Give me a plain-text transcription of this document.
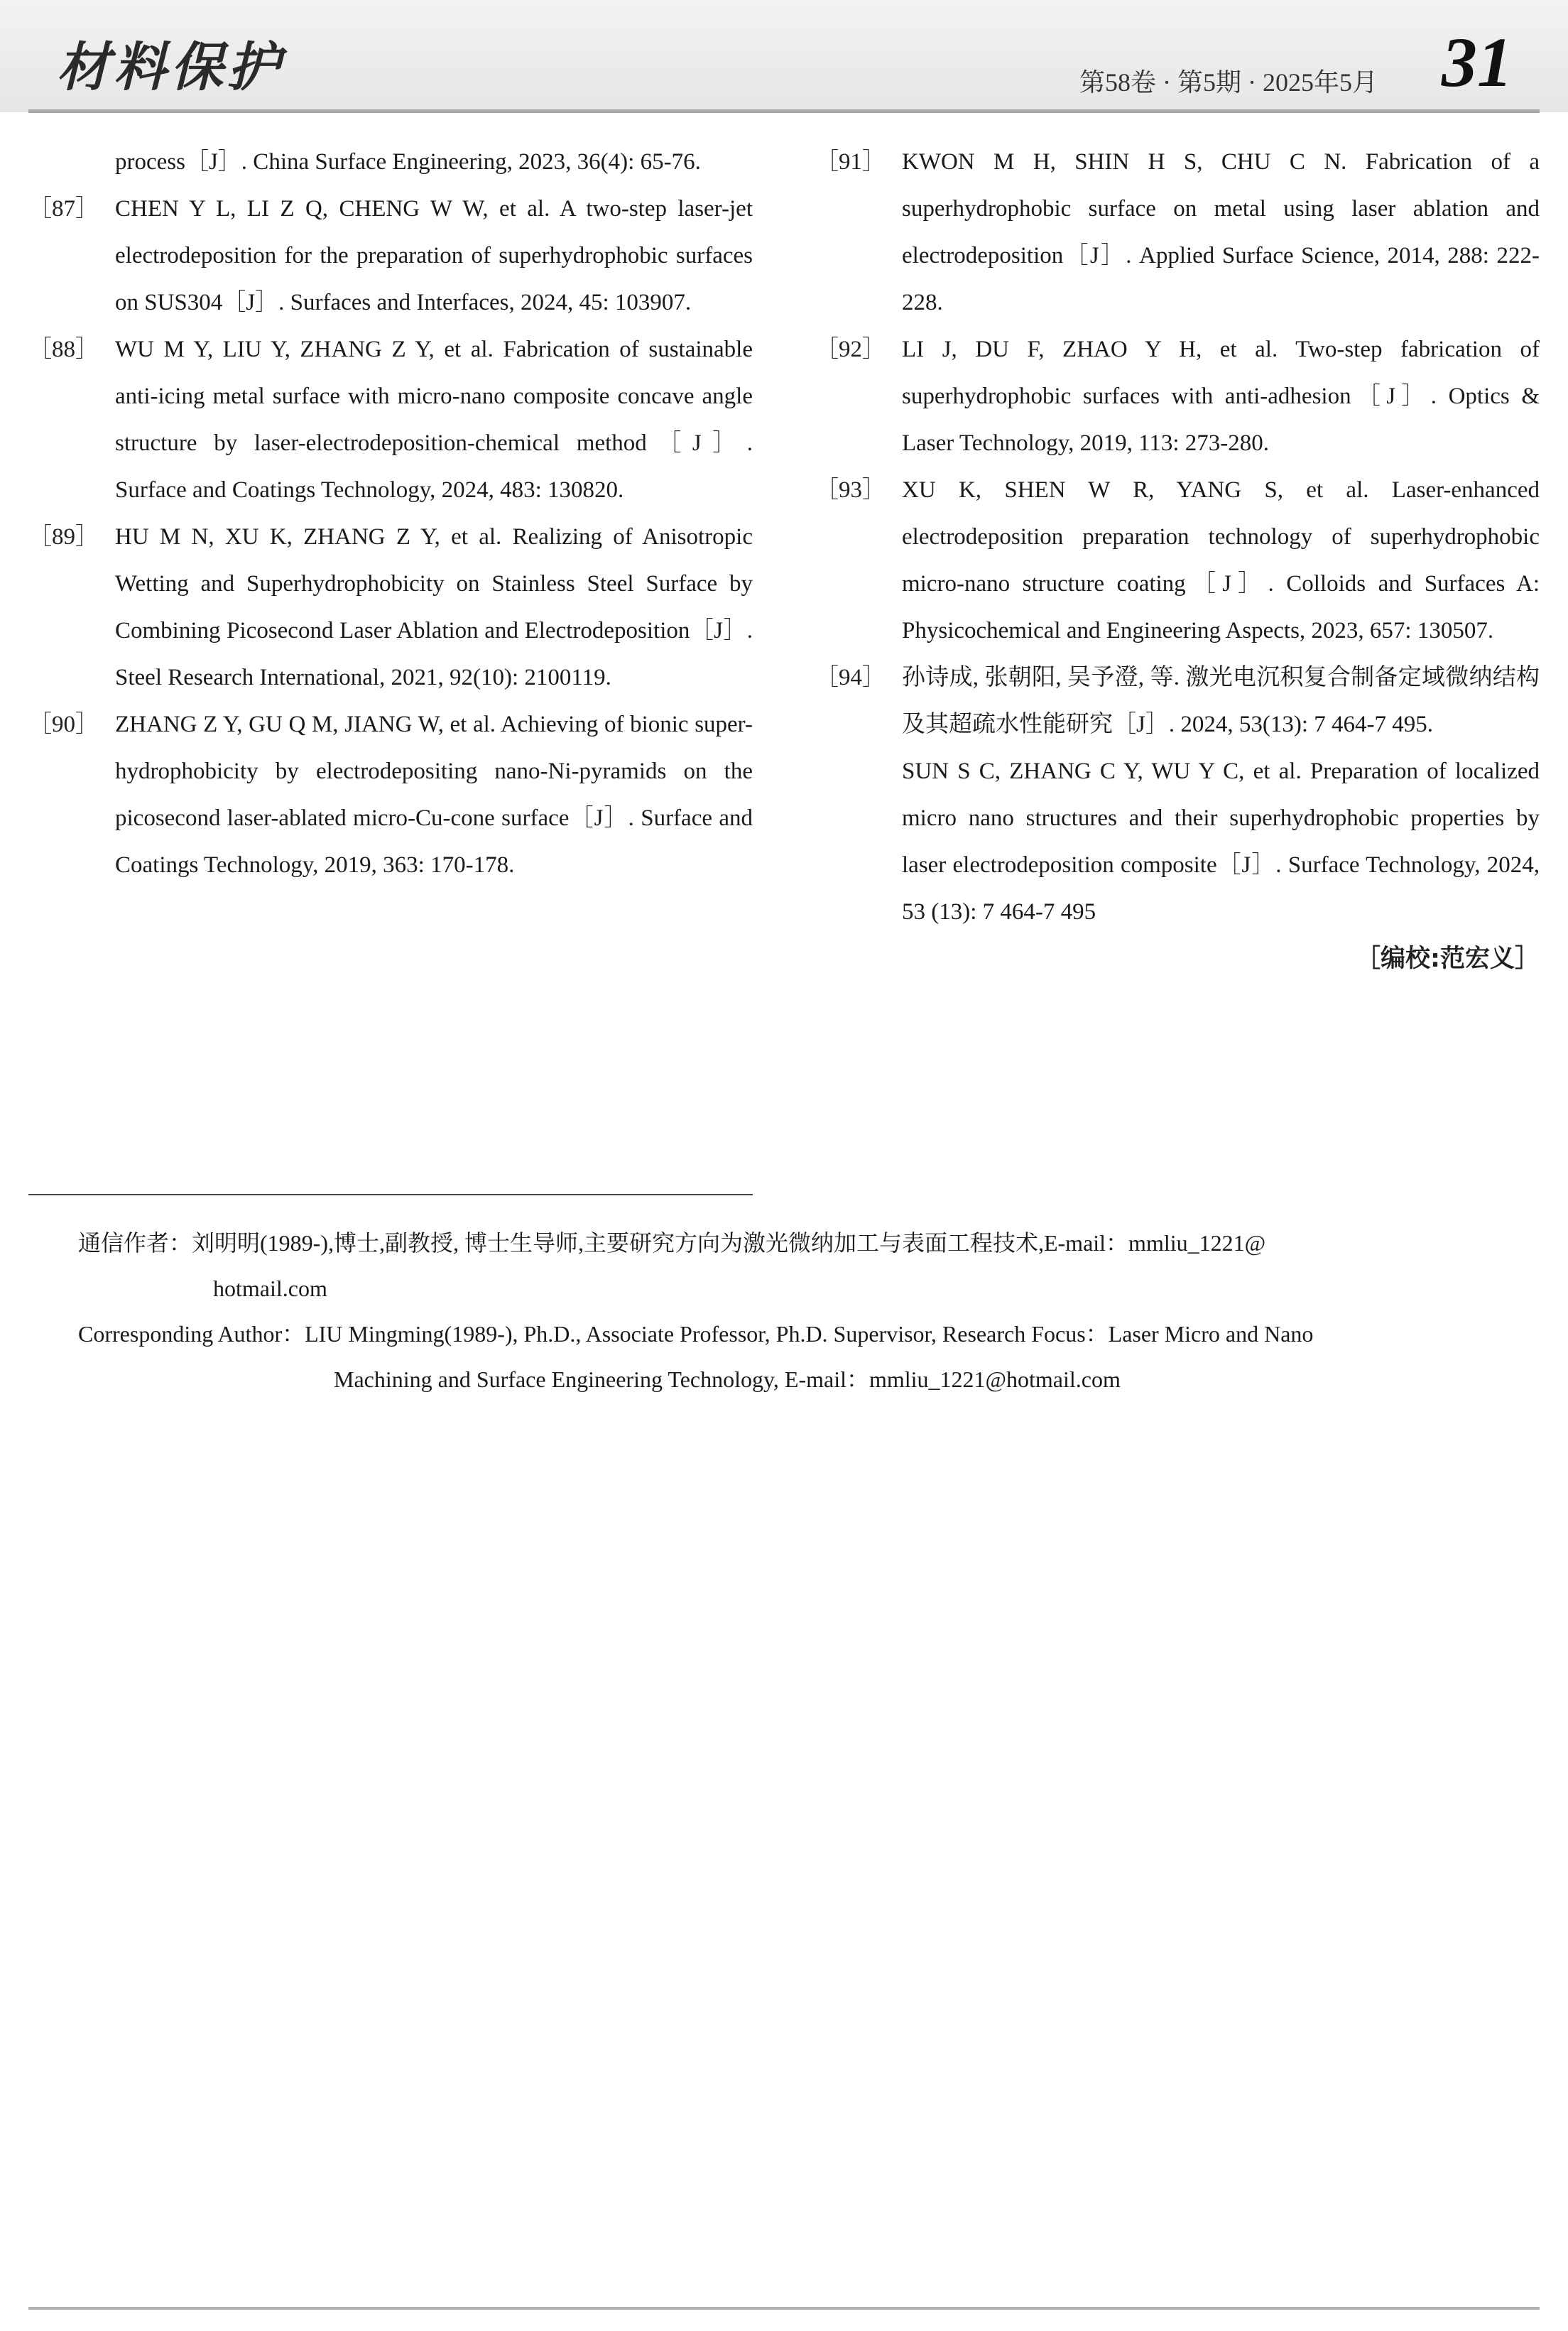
材料保护	第58卷 · 第5期 · 2025年5月 31
process［J］. China Surface Engineering, 2023, 36(4): 65-76.
［87］ CHEN Y L, LI Z Q, CHENG W W, et al. A two-step laser-jet electrodeposition for the preparation of superhydrophobic surfaces on SUS304［J］. Surfaces and Interfaces, 2024, 45: 103907.
［88］ WU M Y, LIU Y, ZHANG Z Y, et al. Fabrication of sustainable anti-icing metal surface with micro-nano composite concave angle structure by laser-electrodeposition-chemical method［J］. Surface and Coatings Technology, 2024, 483: 130820.
［89］ HU M N, XU K, ZHANG Z Y, et al. Realizing of Anisotropic Wetting and Superhydrophobicity on Stainless Steel Surface by Combining Picosecond Laser Ablation and Electrodeposition［J］. Steel Research International, 2021, 92(10): 2100119.
［90］ ZHANG Z Y, GU Q M, JIANG W, et al. Achieving of bionic super-hydrophobicity by electrodepositing nano-Ni-pyramids on the picosecond laser-ablated micro-Cu-cone surface［J］. Surface and Coatings Technology, 2019, 363: 170-178.
［91］ KWON M H, SHIN H S, CHU C N. Fabrication of a superhydrophobic surface on metal using laser ablation and electrodeposition［J］. Applied Surface Science, 2014, 288: 222-228.
［92］ LI J, DU F, ZHAO Y H, et al. Two-step fabrication of superhydrophobic surfaces with anti-adhesion［J］. Optics & Laser Technology, 2019, 113: 273-280.
［93］ XU K, SHEN W R, YANG S, et al. Laser-enhanced electrodeposition preparation technology of superhydrophobic micro-nano structure coating［J］. Colloids and Surfaces A: Physicochemical and Engineering Aspects, 2023, 657: 130507.
［94］ 孙诗成, 张朝阳, 吴予澄, 等. 激光电沉积复合制备定域微纳结构及其超疏水性能研究［J］. 2024, 53(13): 7 464-7 495.
SUN S C, ZHANG C Y, WU Y C, et al. Preparation of localized micro nano structures and their superhydrophobic properties by laser electrodeposition composite［J］. Surface Technology, 2024, 53 (13): 7 464-7 495
［编校:范宏义］
通信作者：刘明明(1989-),博士,副教授, 博士生导师,主要研究方向为激光微纳加工与表面工程技术,E-mail：mmliu_1221@
hotmail.com
Corresponding Author：LIU Mingming(1989-), Ph.D., Associate Professor, Ph.D. Supervisor, Research Focus：Laser Micro and Nano
Machining and Surface Engineering Technology, E-mail：mmliu_1221@hotmail.com
